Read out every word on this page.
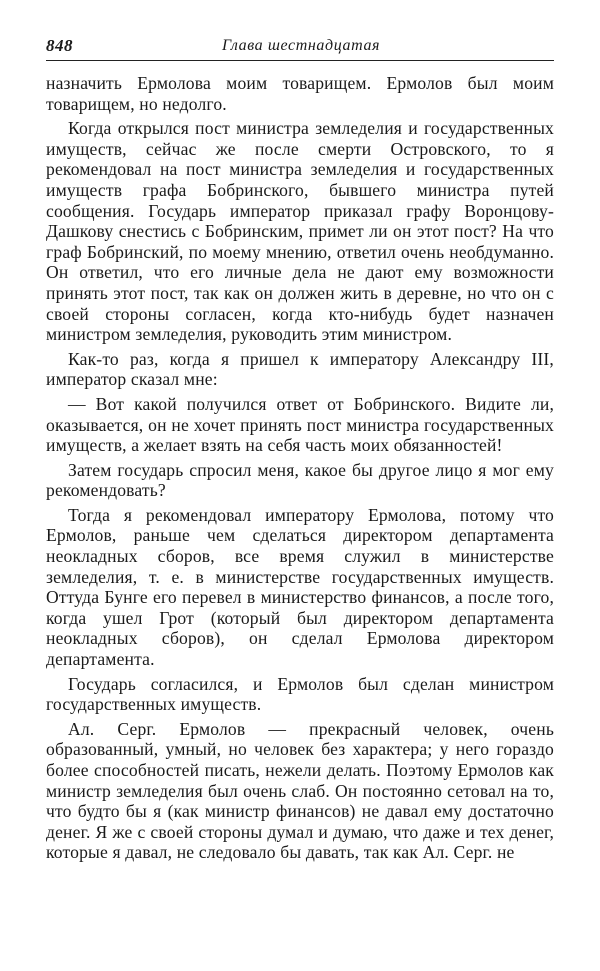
848	Глава шестнадцатая

назначить Ермолова моим товарищем. Ермолов был моим товарищем, но недолго.

Когда открылся пост министра земледелия и государственных имуществ, сейчас же после смерти Островского, то я рекомендовал на пост министра земледелия и государственных имуществ графа Бобринского, бывшего министра путей сообщения. Государь император приказал графу Воронцову-Дашкову снестись с Бобринским, примет ли он этот пост? На что граф Бобринский, по моему мнению, ответил очень необдуманно. Он ответил, что его личные дела не дают ему возможности принять этот пост, так как он должен жить в деревне, но что он с своей стороны согласен, когда кто-нибудь будет назначен министром земледелия, руководить этим министром.

Как-то раз, когда я пришел к императору Александру III, император сказал мне:

— Вот какой получился ответ от Бобринского. Видите ли, оказывается, он не хочет принять пост министра государственных имуществ, а желает взять на себя часть моих обязанностей!

Затем государь спросил меня, какое бы другое лицо я мог ему рекомендовать?

Тогда я рекомендовал императору Ермолова, потому что Ермолов, раньше чем сделаться директором департамента неокладных сборов, все время служил в министерстве земледелия, т. е. в министерстве государственных имуществ. Оттуда Бунге его перевел в министерство финансов, а после того, когда ушел Грот (который был директором департамента неокладных сборов), он сделал Ермолова директором департамента.

Государь согласился, и Ермолов был сделан министром государственных имуществ.

Ал. Серг. Ермолов — прекрасный человек, очень образованный, умный, но человек без характера; у него гораздо более способностей писать, нежели делать. Поэтому Ермолов как министр земледелия был очень слаб. Он постоянно сетовал на то, что будто бы я (как министр финансов) не давал ему достаточно денег. Я же с своей стороны думал и думаю, что даже и тех денег, которые я давал, не следовало бы давать, так как Ал. Серг. не
